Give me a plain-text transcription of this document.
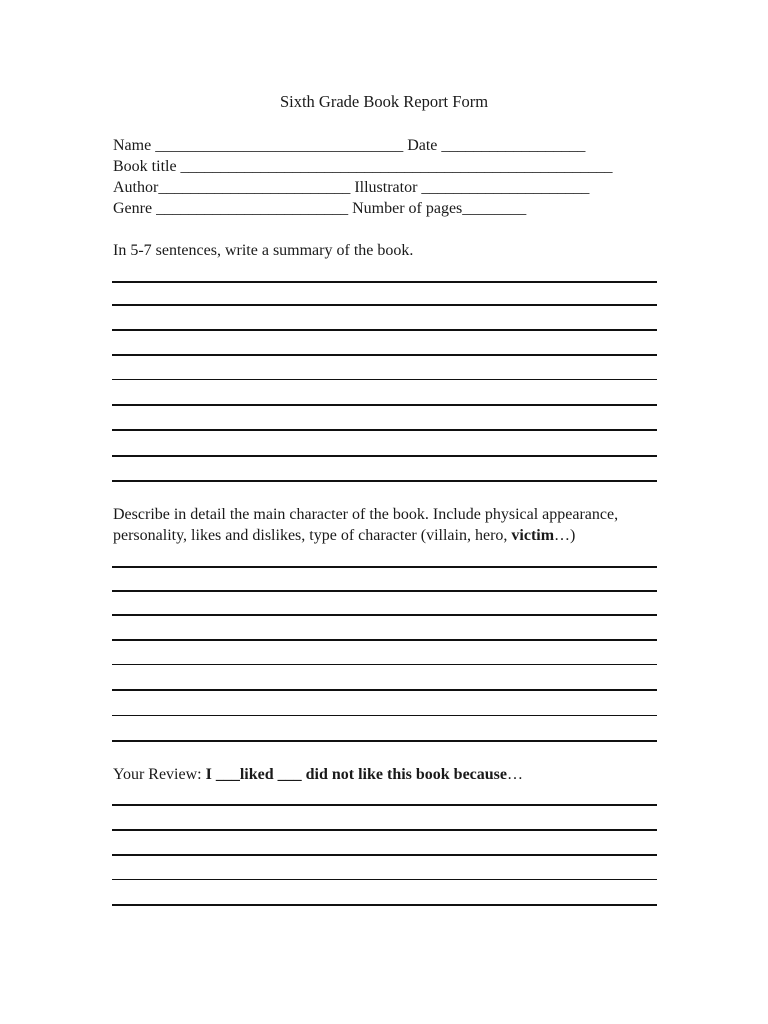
Sixth Grade Book Report Form
Name _______________________________ Date __________________
Book title ______________________________________________________
Author________________________ Illustrator _____________________
Genre ________________________ Number of pages________
In 5-7 sentences, write a summary of the book.
Describe in detail the main character of the book. Include physical appearance, personality, likes and dislikes, type of character (villain, hero, victim…)
Your Review: I ___liked ___ did not like this book because…
